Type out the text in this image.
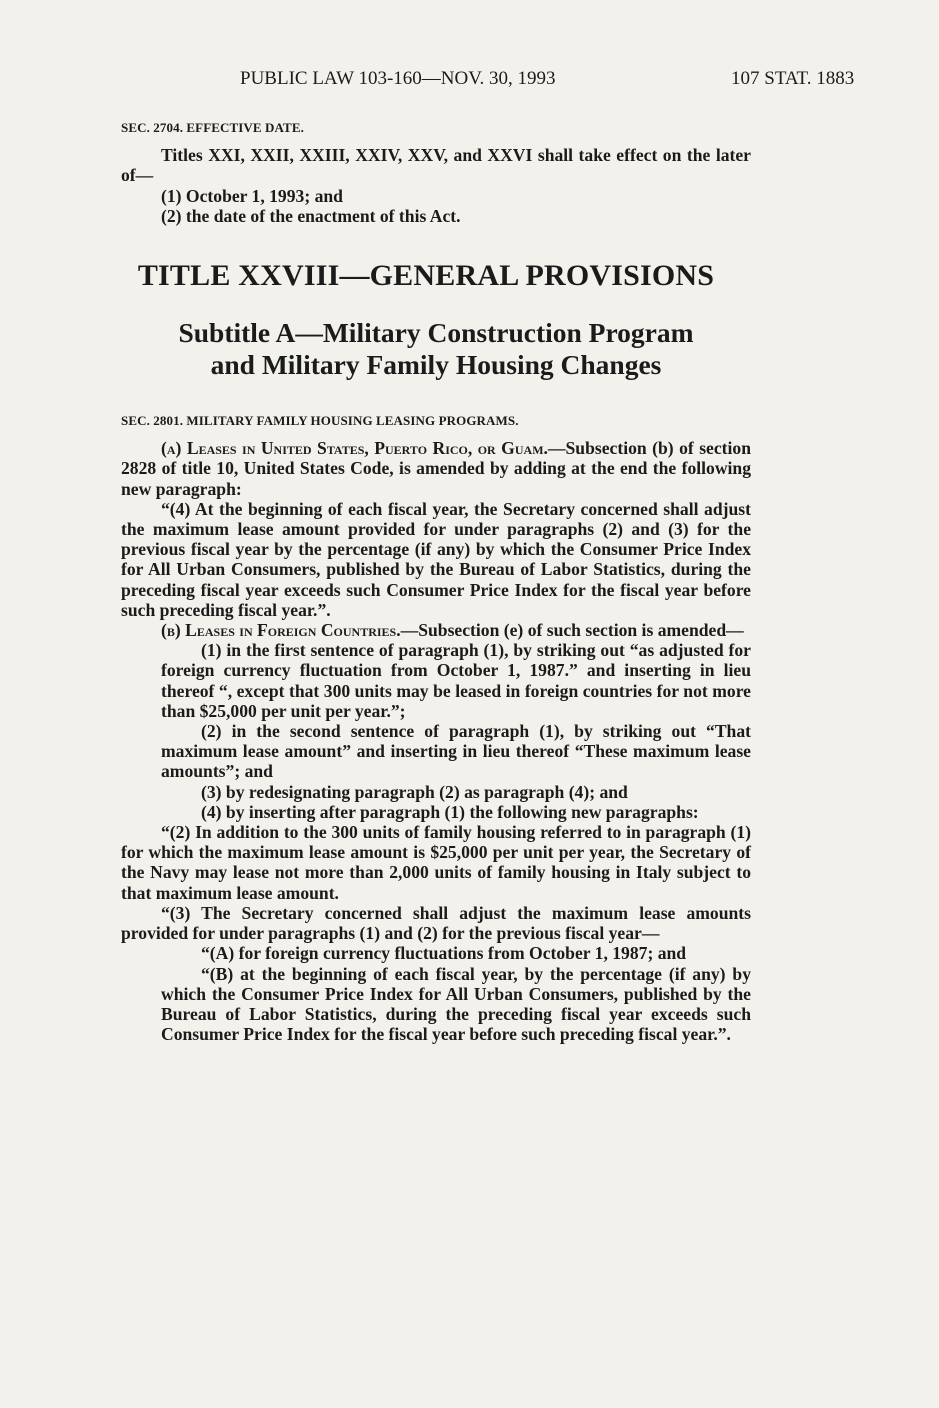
PUBLIC LAW 103-160—NOV. 30, 1993	107 STAT. 1883
SEC. 2704. EFFECTIVE DATE.

Titles XXI, XXII, XXIII, XXIV, XXV, and XXVI shall take effect on the later of—

(1) October 1, 1993; and

(2) the date of the enactment of this Act.

TITLE XXVIII—GENERAL PROVISIONS
Subtitle A—Military Construction Program
and Military Family Housing Changes
SEC. 2801. MILITARY FAMILY HOUSING LEASING PROGRAMS.

(a) Leases in United States, Puerto Rico, or Guam.—Subsection (b) of section 2828 of title 10, United States Code, is amended by adding at the end the following new paragraph:

“(4) At the beginning of each fiscal year, the Secretary concerned shall adjust the maximum lease amount provided for under paragraphs (2) and (3) for the previous fiscal year by the percentage (if any) by which the Consumer Price Index for All Urban Consumers, published by the Bureau of Labor Statistics, during the preceding fiscal year exceeds such Consumer Price Index for the fiscal year before such preceding fiscal year.”.

(b) Leases in Foreign Countries.—Subsection (e) of such section is amended—

(1) in the first sentence of paragraph (1), by striking out “as adjusted for foreign currency fluctuation from October 1, 1987.” and inserting in lieu thereof “, except that 300 units may be leased in foreign countries for not more than $25,000 per unit per year.”;

(2) in the second sentence of paragraph (1), by striking out “That maximum lease amount” and inserting in lieu thereof “These maximum lease amounts”; and

(3) by redesignating paragraph (2) as paragraph (4); and

(4) by inserting after paragraph (1) the following new paragraphs:

“(2) In addition to the 300 units of family housing referred to in paragraph (1) for which the maximum lease amount is $25,000 per unit per year, the Secretary of the Navy may lease not more than 2,000 units of family housing in Italy subject to that maximum lease amount.

“(3) The Secretary concerned shall adjust the maximum lease amounts provided for under paragraphs (1) and (2) for the previous fiscal year—

“(A) for foreign currency fluctuations from October 1, 1987; and

“(B) at the beginning of each fiscal year, by the percentage (if any) by which the Consumer Price Index for All Urban Consumers, published by the Bureau of Labor Statistics, during the preceding fiscal year exceeds such Consumer Price Index for the fiscal year before such preceding fiscal year.”.
